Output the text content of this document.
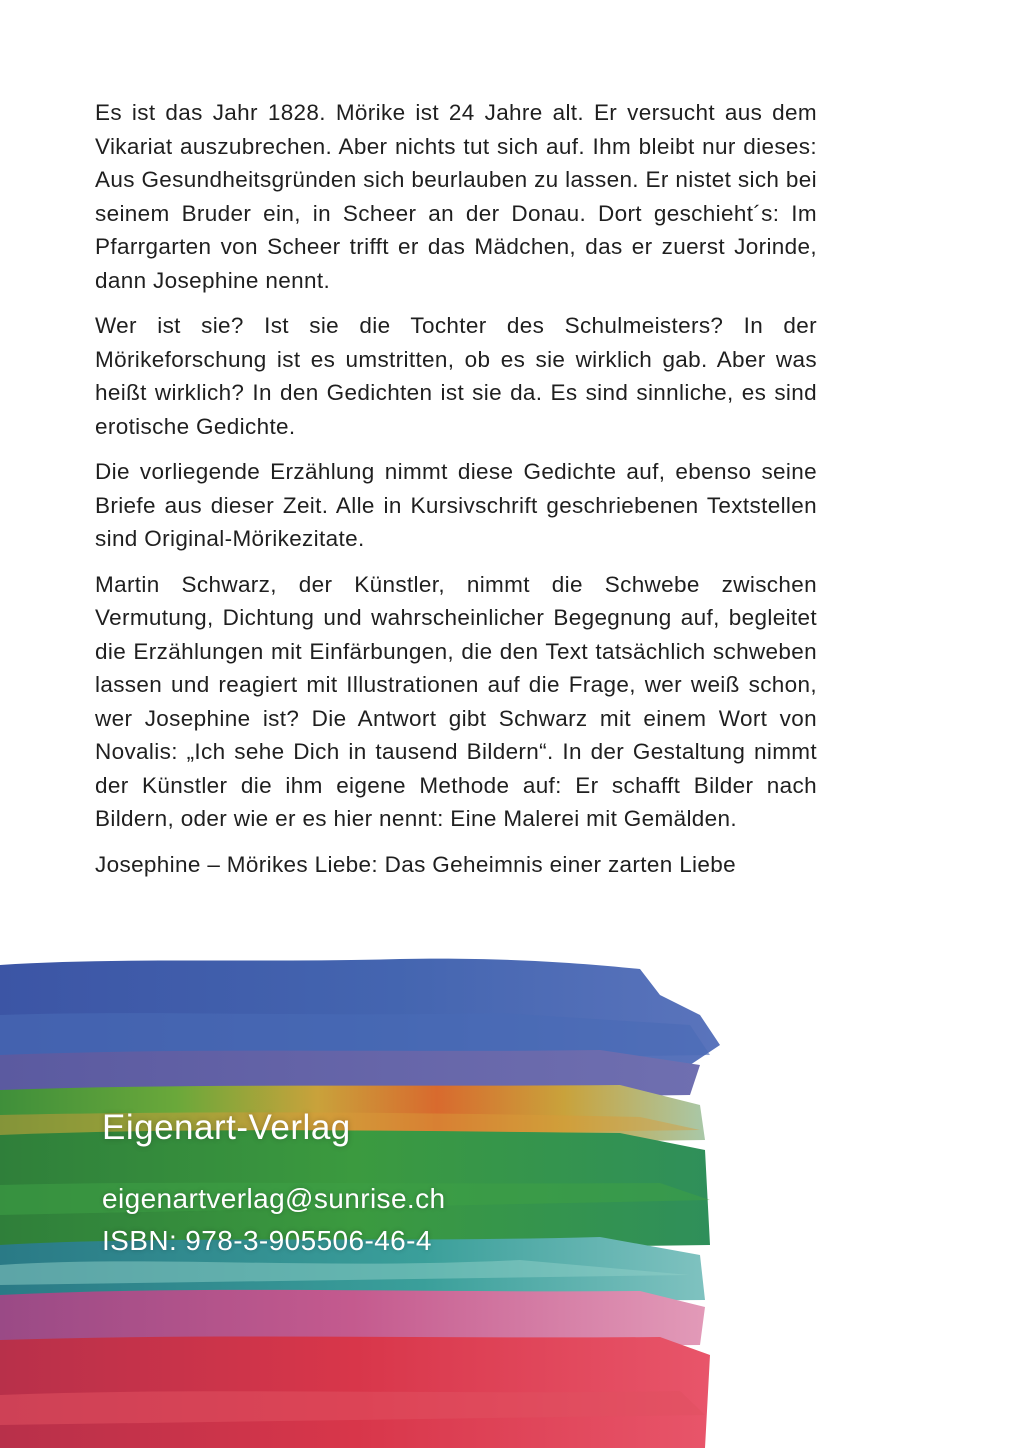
Es ist das Jahr 1828. Mörike ist 24 Jahre alt. Er versucht aus dem Vikariat auszubrechen. Aber nichts tut sich auf. Ihm bleibt nur dieses: Aus Gesundheitsgründen sich beurlauben zu lassen. Er nistet sich bei seinem Bruder ein, in Scheer an der Donau. Dort geschieht´s: Im Pfarrgarten von Scheer trifft er das Mädchen, das er zuerst Jorinde, dann Josephine nennt.

Wer ist sie? Ist sie die Tochter des Schulmeisters? In der Mörikeforschung ist es umstritten, ob es sie wirklich gab. Aber was heißt wirklich? In den Gedichten ist sie da. Es sind sinnliche, es sind erotische Gedichte.

Die vorliegende Erzählung nimmt diese Gedichte auf, ebenso seine Briefe aus dieser Zeit. Alle in Kursivschrift geschriebenen Textstellen sind Original-Mörikezitate.

Martin Schwarz, der Künstler, nimmt die Schwebe zwischen Vermutung, Dichtung und wahrscheinlicher Begegnung auf, begleitet die Erzählungen mit Einfärbungen, die den Text tatsächlich schweben lassen und reagiert mit Illustrationen auf die Frage, wer weiß schon, wer Josephine ist? Die Antwort gibt Schwarz mit einem Wort von Novalis: „Ich sehe Dich in tausend Bildern“. In der Gestaltung nimmt der Künstler die ihm eigene Methode auf: Er schafft Bilder nach Bildern, oder wie er es hier nennt: Eine Malerei mit Gemälden.

Josephine – Mörikes Liebe: Das Geheimnis einer zarten Liebe

Eigenart-Verlag
eigenartverlag@sunrise.ch
ISBN: 978-3-905506-46-4
